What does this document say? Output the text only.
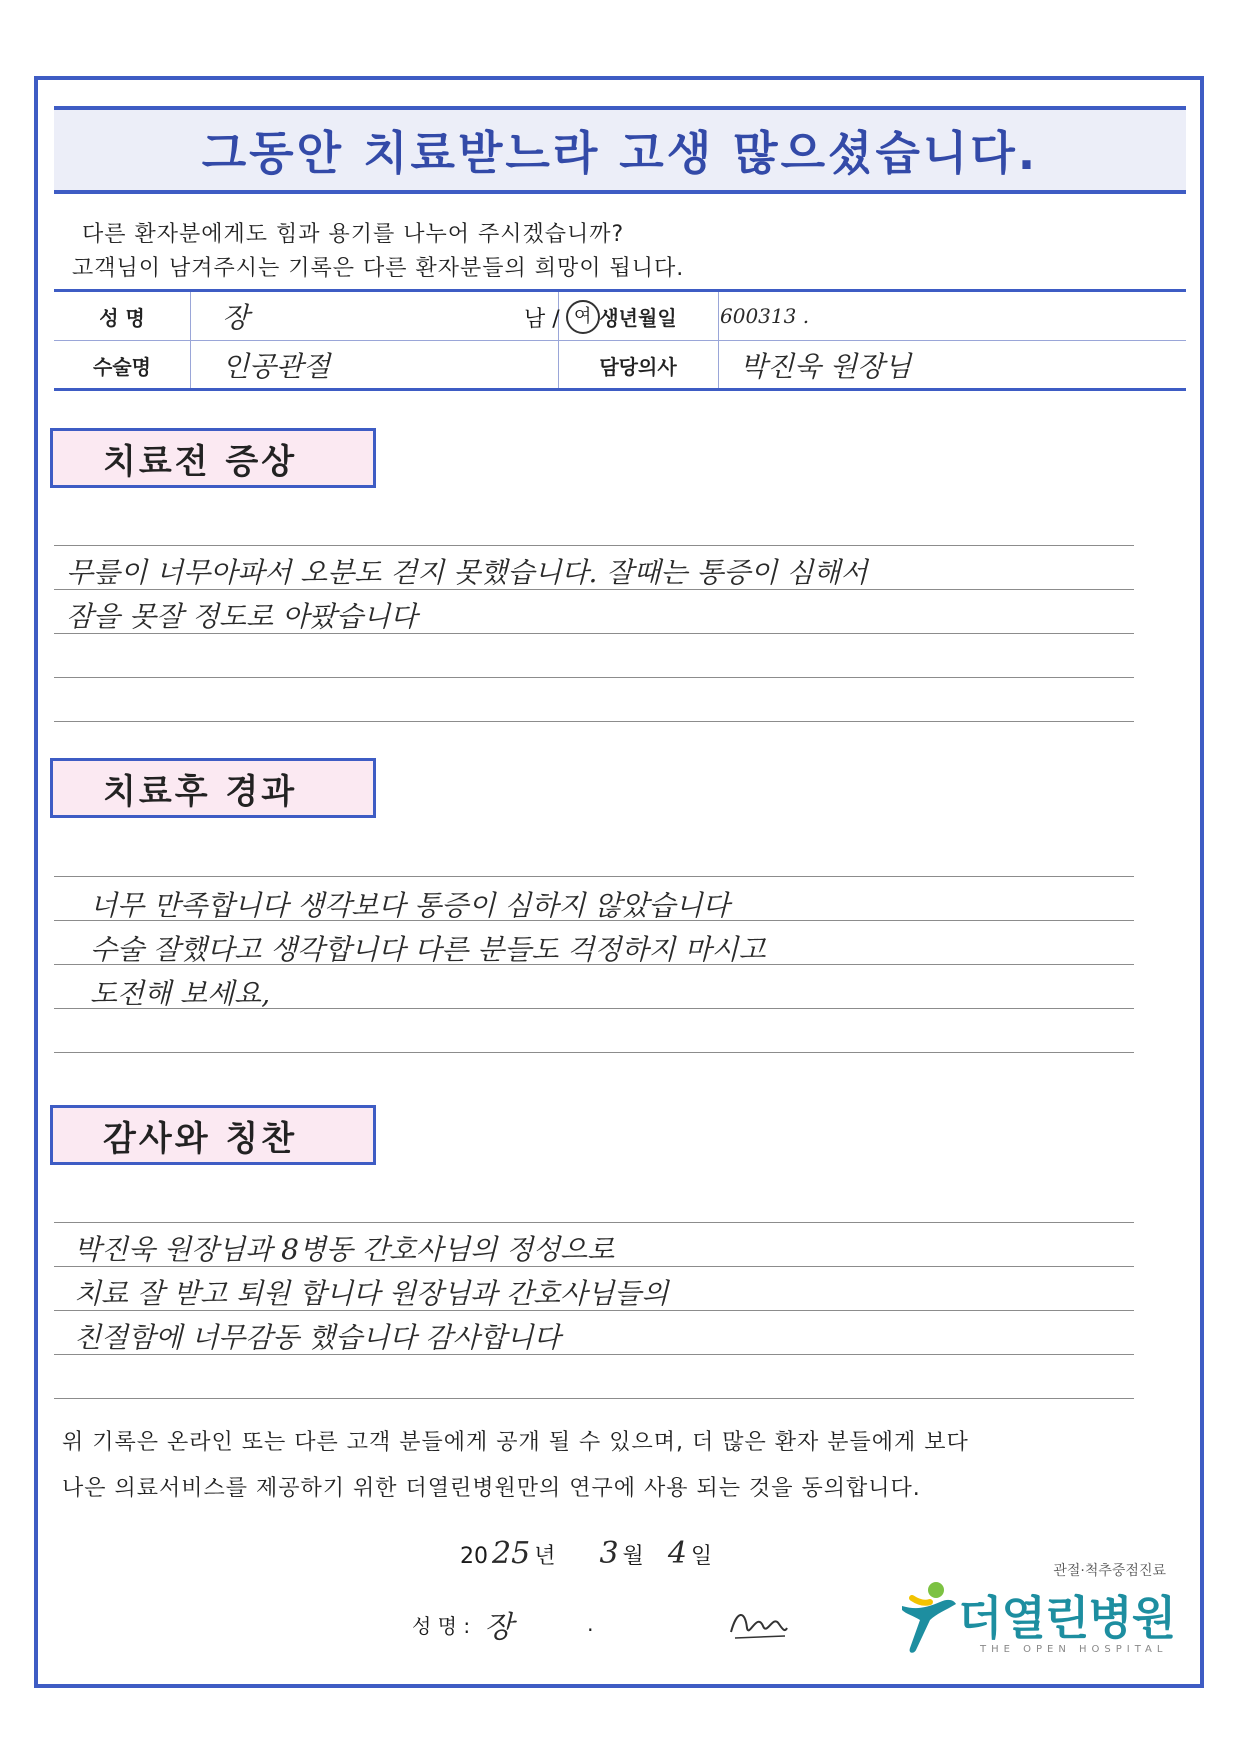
그동안 치료받느라 고생 많으셨습니다.
다른 환자분에게도 힘과 용기를 나누어 주시겠습니까?
고객님이 남겨주시는 기록은 다른 환자분들의 희망이 됩니다.
성 명	장	남 / 여 생년월일	600313 .
수술명	인공관절	담당의사	박진욱 원장님
치료전 증상
무릎이 너무아파서 오분도 걷지 못했습니다. 잘때는 통증이 심해서
잠을 못잘 정도로 아팠습니다
치료후 경과
너무 만족합니다 생각보다 통증이 심하지 않았습니다
수술 잘했다고 생각합니다 다른 분들도 걱정하지 마시고
도전해 보세요,
감사와 칭찬
박진욱 원장님과 8병동 간호사님의 정성으로
치료 잘 받고 퇴원 합니다 원장님과 간호사님들의
친절함에 너무감동 했습니다 감사합니다
위 기록은 온라인 또는 다른 고객 분들에게 공개 될 수 있으며, 더 많은 환자 분들에게 보다
나은 의료서비스를 제공하기 위한 더열린병원만의 연구에 사용 되는 것을 동의합니다.
20 25 년 3 월 4 일
성 명 : 장	.
관절·척추중점진료
더열린병원
THE OPEN HOSPITAL
